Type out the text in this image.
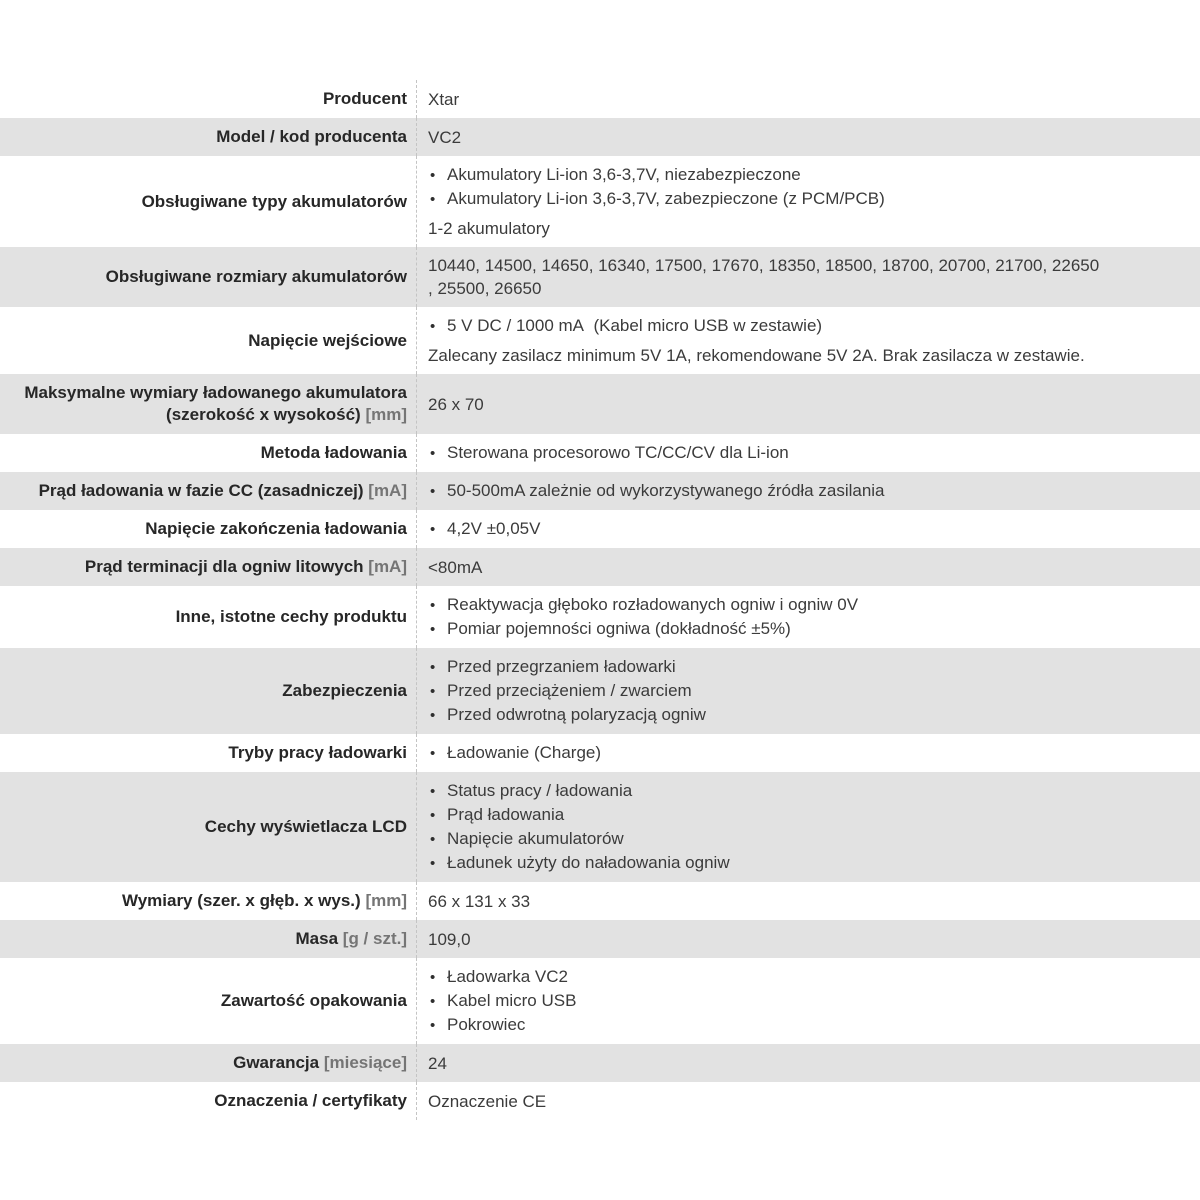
Producent Xtar
Model / kod producenta VC2
Obsługiwane typy akumulatorów
• Akumulatory Li-ion 3,6-3,7V, niezabezpieczone
• Akumulatory Li-ion 3,6-3,7V, zabezpieczone (z PCM/PCB)
1-2 akumulatory
Obsługiwane rozmiary akumulatorów
10440, 14500, 14650, 16340, 17500, 17670, 18350, 18500, 18700, 20700, 21700, 22650
, 25500, 26650
Napięcie wejściowe
• 5 V DC / 1000 mA  (Kabel micro USB w zestawie)
Zalecany zasilacz minimum 5V 1A, rekomendowane 5V 2A. Brak zasilacza w zestawie.
Maksymalne wymiary ładowanego akumulatora (szerokość x wysokość) [mm]
26 x 70
Metoda ładowania • Sterowana procesorowo TC/CC/CV dla Li-ion
Prąd ładowania w fazie CC (zasadniczej) [mA] • 50-500mA zależnie od wykorzystywanego źródła zasilania
Napięcie zakończenia ładowania • 4,2V ±0,05V
Prąd terminacji dla ogniw litowych [mA] <80mA
Inne, istotne cechy produktu
• Reaktywacja głęboko rozładowanych ogniw i ogniw 0V
• Pomiar pojemności ogniwa (dokładność ±5%)
Zabezpieczenia
• Przed przegrzaniem ładowarki
• Przed przeciążeniem / zwarciem
• Przed odwrotną polaryzacją ogniw
Tryby pracy ładowarki • Ładowanie (Charge)
Cechy wyświetlacza LCD
• Status pracy / ładowania
• Prąd ładowania
• Napięcie akumulatorów
• Ładunek użyty do naładowania ogniw
Wymiary (szer. x głęb. x wys.) [mm] 66 x 131 x 33
Masa [g / szt.] 109,0
Zawartość opakowania
• Ładowarka VC2
• Kabel micro USB
• Pokrowiec
Gwarancja [miesiące] 24
Oznaczenia / certyfikaty Oznaczenie CE
